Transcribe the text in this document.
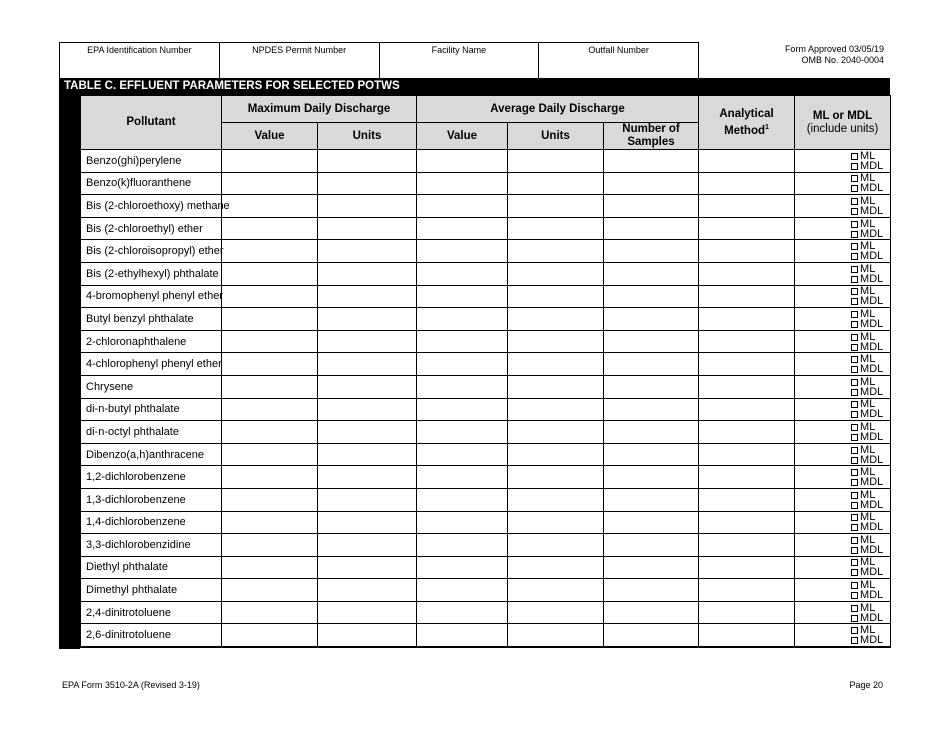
EPA Identification Number	NPDES Permit Number	Facility Name	Outfall Number	Form Approved 03/05/19
OMB No. 2040-0004
TABLE C. EFFLUENT PARAMETERS FOR SELECTED POTWS
Pollutant	Maximum Daily Discharge		Average Daily Discharge			Analytical Method$^1$	ML or MDL
(include units)

	Value	Units	Value	Units	Number of Samples		
Benzo(ghi)perylene							ML
MDL

Benzo(k)fluoranthene							ML
MDL

Bis (2-chloroethoxy) methane							ML
MDL

Bis (2-chloroethyl) ether							ML
MDL

Bis (2-chloroisopropyl) ether							ML
MDL

Bis (2-ethylhexyl) phthalate							ML
MDL

4-bromophenyl phenyl ether							ML
MDL

Butyl benzyl phthalate							ML
MDL

2-chloronaphthalene							ML
MDL

4-chlorophenyl phenyl ether							ML
MDL

Chrysene							ML
MDL

di-n-butyl phthalate							ML
MDL

di-n-octyl phthalate							ML
MDL

Dibenzo(a,h)anthracene							ML
MDL

1,2-dichlorobenzene							ML
MDL

1,3-dichlorobenzene							ML
MDL

1,4-dichlorobenzene							ML
MDL

3,3-dichlorobenzidine							ML
MDL

Diethyl phthalate							ML
MDL

Dimethyl phthalate							ML
MDL

2,4-dinitrotoluene							ML
MDL

2,6-dinitrotoluene							ML
MDL
EPA Form 3510-2A (Revised 3-19)	Page 20
